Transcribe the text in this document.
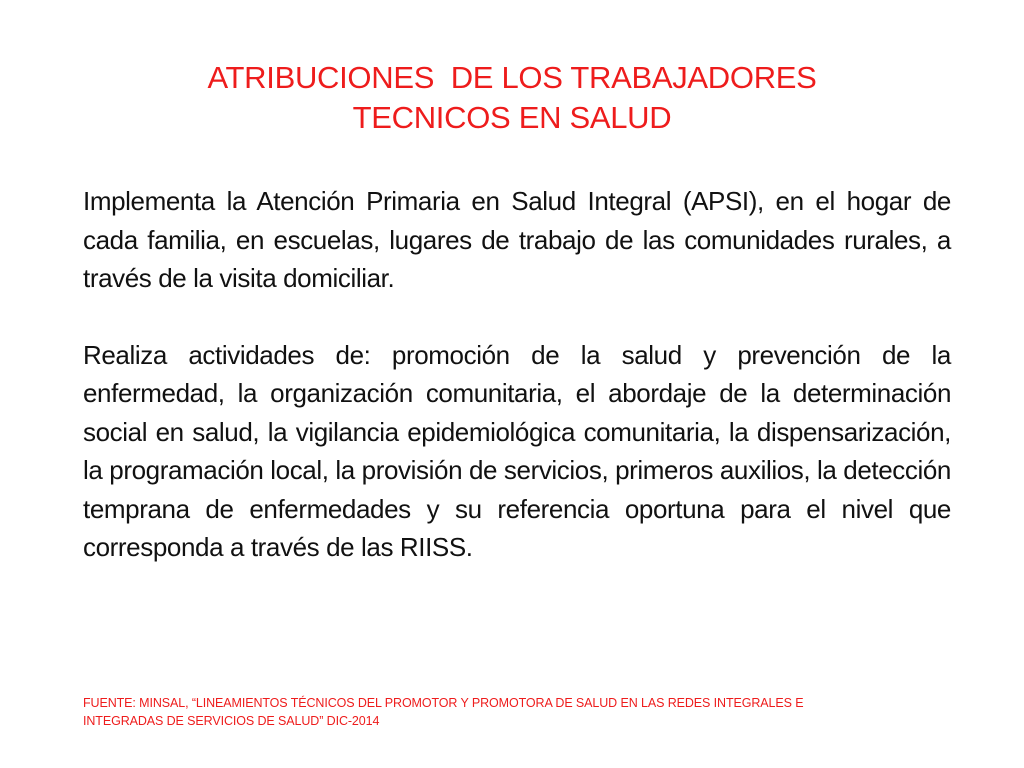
ATRIBUCIONES  DE LOS TRABAJADORES
TECNICOS EN SALUD

Implementa la Atención Primaria en Salud Integral (APSI), en el hogar de cada familia, en escuelas, lugares de trabajo de las comunidades rurales, a través de la visita domiciliar.

Realiza actividades de: promoción de la salud y prevención de la enfermedad, la organización comunitaria, el abordaje de la determinación social en salud, la vigilancia epidemiológica comunitaria, la dispensarización, la programación local, la provisión de servicios, primeros auxilios, la detección temprana de enfermedades y su referencia oportuna para el nivel que corresponda a través de las RIISS.

FUENTE: MINSAL, “LINEAMIENTOS TÉCNICOS DEL PROMOTOR Y PROMOTORA DE SALUD EN LAS REDES INTEGRALES E
INTEGRADAS DE SERVICIOS DE SALUD” DIC-2014
